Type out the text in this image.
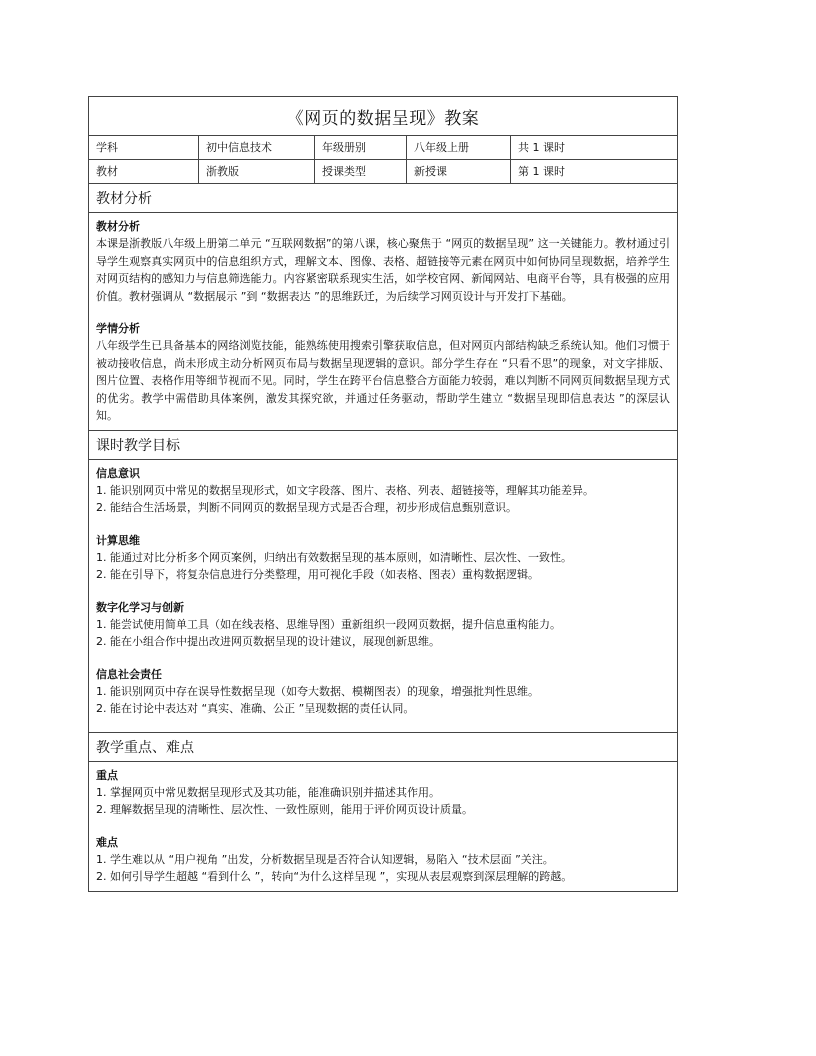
《网页的数据呈现》教案
学科	初中信息技术	年级册别	八年级上册	共 1 课时
教材	浙教版	授课类型	新授课	第 1 课时
教材分析
教材分析
本课是浙教版八年级上册第二单元 “互联网数据”的第八课，核心聚焦于 “网页的数据呈现” 这一关键能力。教材通过引导学生观察真实网页中的信息组织方式，理解文本、图像、表格、超链接等元素在网页中如何协同呈现数据，培养学生对网页结构的感知力与信息筛选能力。内容紧密联系现实生活，如学校官网、新闻网站、电商平台等，具有极强的应用价值。教材强调从 “数据展示 ”到 “数据表达 ”的思维跃迁，为后续学习网页设计与开发打下基础。
学情分析
八年级学生已具备基本的网络浏览技能，能熟练使用搜索引擎获取信息，但对网页内部结构缺乏系统认知。他们习惯于被动接收信息，尚未形成主动分析网页布局与数据呈现逻辑的意识。部分学生存在 “只看不思”的现象，对文字排版、图片位置、表格作用等细节视而不见。同时，学生在跨平台信息整合方面能力较弱，难以判断不同网页间数据呈现方式的优劣。教学中需借助具体案例，激发其探究欲，并通过任务驱动，帮助学生建立 “数据呈现即信息表达 ”的深层认知。
课时教学目标
信息意识
1. 能识别网页中常见的数据呈现形式，如文字段落、图片、表格、列表、超链接等，理解其功能差异。
2. 能结合生活场景，判断不同网页的数据呈现方式是否合理，初步形成信息甄别意识。
计算思维
1. 能通过对比分析多个网页案例，归纳出有效数据呈现的基本原则，如清晰性、层次性、一致性。
2. 能在引导下，将复杂信息进行分类整理，用可视化手段（如表格、图表）重构数据逻辑。
数字化学习与创新
1. 能尝试使用简单工具（如在线表格、思维导图）重新组织一段网页数据，提升信息重构能力。
2. 能在小组合作中提出改进网页数据呈现的设计建议，展现创新思维。
信息社会责任
1. 能识别网页中存在误导性数据呈现（如夸大数据、模糊图表）的现象，增强批判性思维。
2. 能在讨论中表达对 “真实、准确、公正 ”呈现数据的责任认同。
教学重点、难点
重点
1. 掌握网页中常见数据呈现形式及其功能，能准确识别并描述其作用。
2. 理解数据呈现的清晰性、层次性、一致性原则，能用于评价网页设计质量。
难点
1. 学生难以从 “用户视角 ”出发，分析数据呈现是否符合认知逻辑，易陷入 “技术层面 ”关注。
2. 如何引导学生超越 “看到什么 ”，转向“为什么这样呈现 ”，实现从表层观察到深层理解的跨越。
